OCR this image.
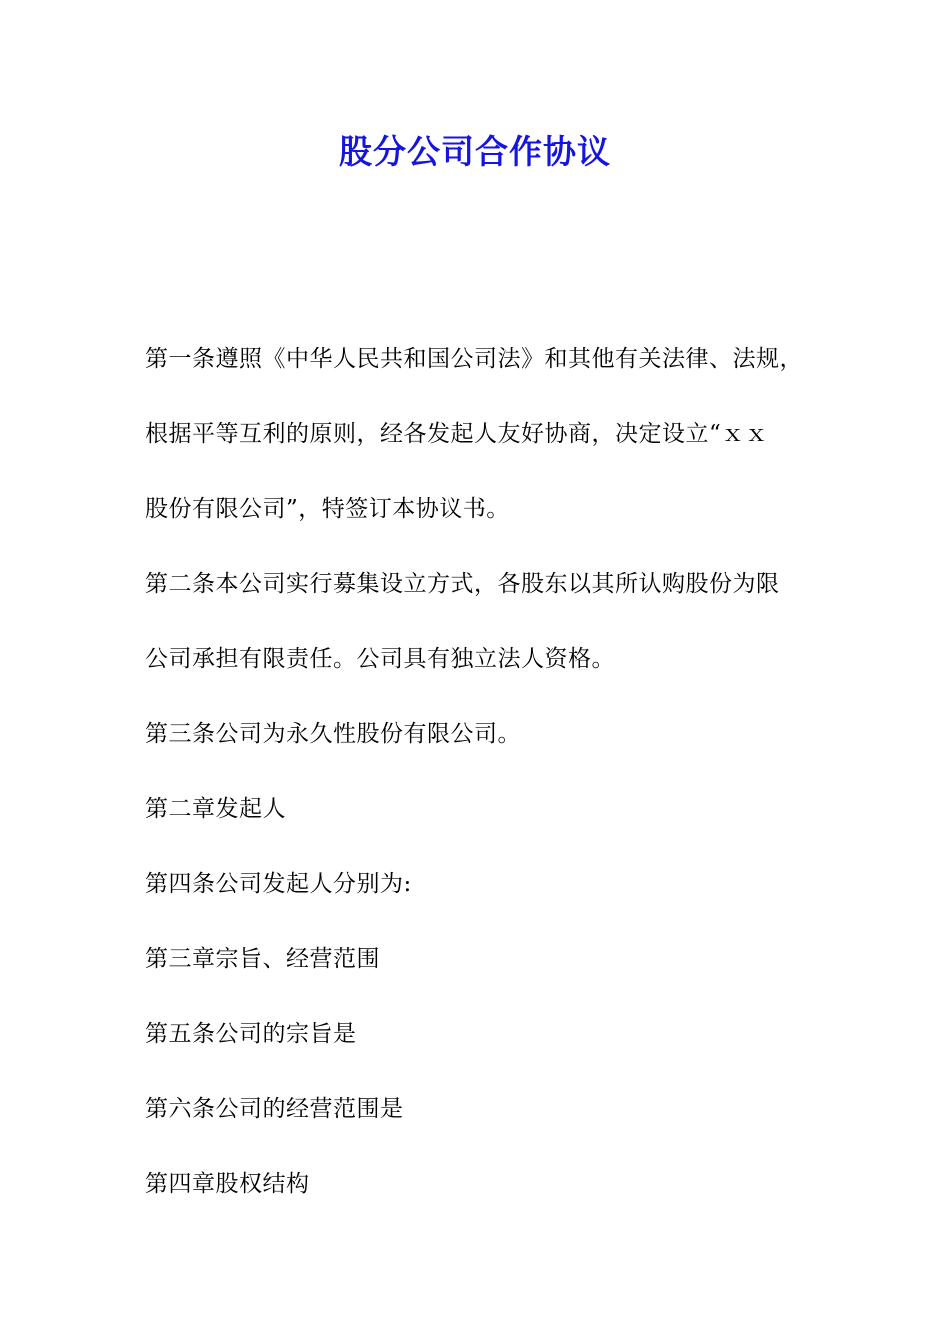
股分公司合作协议
第一条遵照《中华人民共和国公司法》和其他有关法律、法规，
根据平等互利的原则，经各发起人友好协商，决定设立“ｘｘ
股份有限公司”，特签订本协议书。
第二条本公司实行募集设立方式，各股东以其所认购股份为限
公司承担有限责任。公司具有独立法人资格。
第三条公司为永久性股份有限公司。
第二章发起人
第四条公司发起人分别为:
第三章宗旨、经营范围
第五条公司的宗旨是
第六条公司的经营范围是
第四章股权结构
